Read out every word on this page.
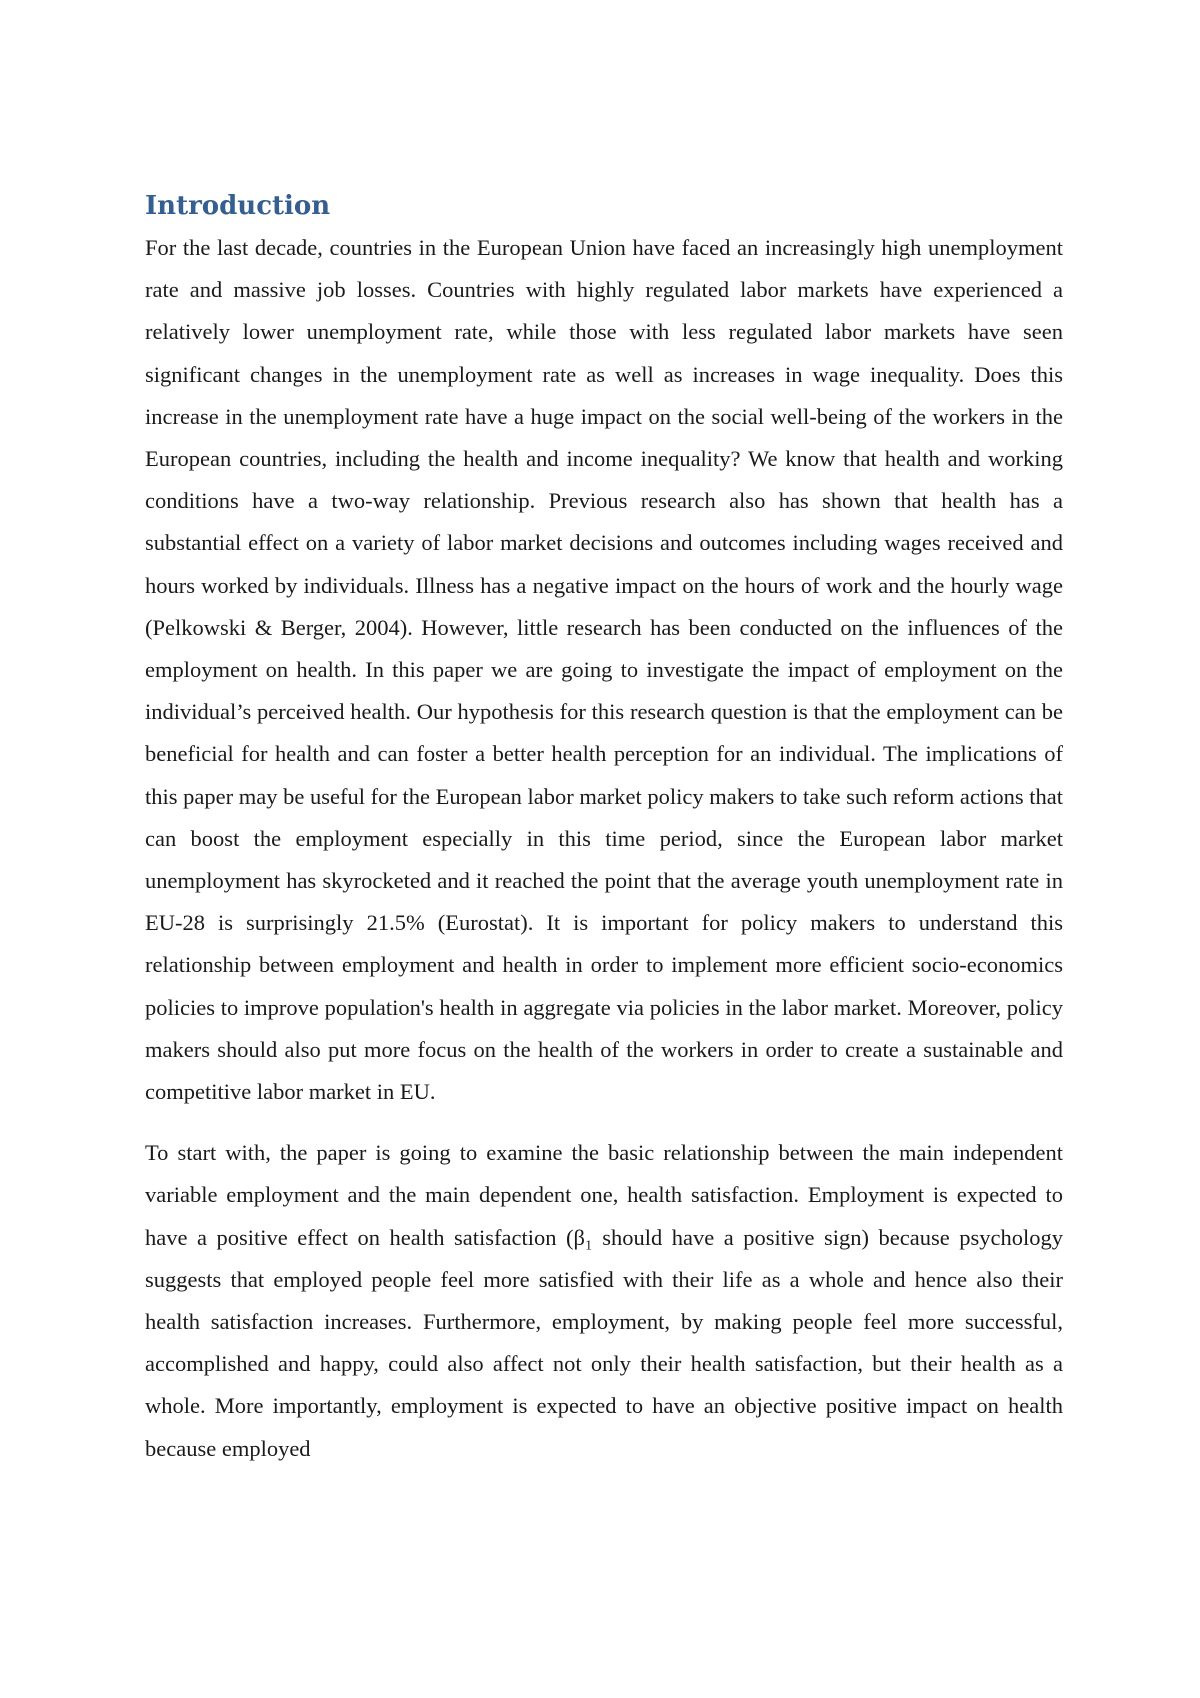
Introduction

For the last decade, countries in the European Union have faced an increasingly high unemployment rate and massive job losses. Countries with highly regulated labor markets have experienced a relatively lower unemployment rate, while those with less regulated labor markets have seen significant changes in the unemployment rate as well as increases in wage inequality. Does this increase in the unemployment rate have a huge impact on the social well-being of the workers in the European countries, including the health and income inequality? We know that health and working conditions have a two-way relationship. Previous research also has shown that health has a substantial effect on a variety of labor market decisions and outcomes including wages received and hours worked by individuals. Illness has a negative impact on the hours of work and the hourly wage (Pelkowski & Berger, 2004). However, little research has been conducted on the influences of the employment on health. In this paper we are going to investigate the impact of employment on the individual’s perceived health. Our hypothesis for this research question is that the employment can be beneficial for health and can foster a better health perception for an individual. The implications of this paper may be useful for the European labor market policy makers to take such reform actions that can boost the employment especially in this time period, since the European labor market unemployment has skyrocketed and it reached the point that the average youth unemployment rate in EU-28 is surprisingly 21.5% (Eurostat). It is important for policy makers to understand this relationship between employment and health in order to implement more efficient socio-economics policies to improve population's health in aggregate via policies in the labor market. Moreover, policy makers should also put more focus on the health of the workers in order to create a sustainable and competitive labor market in EU.

To start with, the paper is going to examine the basic relationship between the main independent variable employment and the main dependent one, health satisfaction. Employment is expected to have a positive effect on health satisfaction (β₁ should have a positive sign) because psychology suggests that employed people feel more satisfied with their life as a whole and hence also their health satisfaction increases. Furthermore, employment, by making people feel more successful, accomplished and happy, could also affect not only their health satisfaction, but their health as a whole. More importantly, employment is expected to have an objective positive impact on health because employed
